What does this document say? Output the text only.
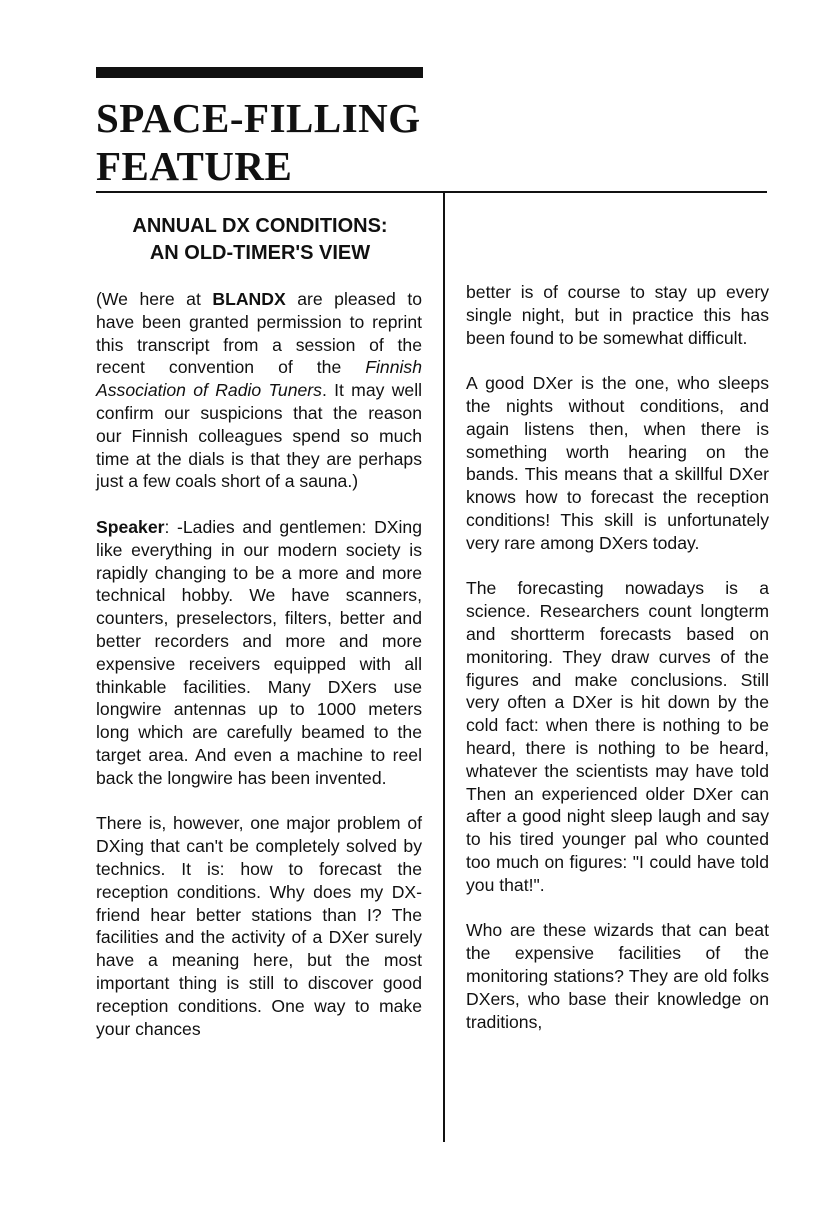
SPACE-FILLING
FEATURE
ANNUAL DX CONDITIONS:
AN OLD-TIMER'S VIEW

(We here at BLANDX are pleased to have been granted permission to reprint this transcript from a session of the recent convention of the Finnish Association of Radio Tuners. It may well confirm our suspicions that the reason our Finnish colleagues spend so much time at the dials is that they are perhaps just a few coals short of a sauna.)

Speaker: -Ladies and gentlemen: DXing like everything in our modern society is rapidly changing to be a more and more technical hobby. We have scanners, counters, preselectors, filters, better and better recorders and more and more expensive receivers equipped with all thinkable facilities. Many DXers use longwire antennas up to 1000 meters long which are carefully beamed to the target area. And even a machine to reel back the longwire has been invented.

There is, however, one major problem of DXing that can't be completely solved by technics. It is: how to forecast the reception conditions. Why does my DX-friend hear better stations than I? The facilities and the activity of a DXer surely have a meaning here, but the most important thing is still to discover good reception conditions. One way to make your chances

better is of course to stay up every single night, but in practice this has been found to be somewhat difficult.

A good DXer is the one, who sleeps the nights without conditions, and again listens then, when there is something worth hearing on the bands. This means that a skillful DXer knows how to forecast the reception conditions! This skill is unfortunately very rare among DXers today.

The forecasting nowadays is a science. Researchers count longterm and shortterm forecasts based on monitoring. They draw curves of the figures and make conclusions. Still very often a DXer is hit down by the cold fact: when there is nothing to be heard, there is nothing to be heard, whatever the scientists may have told Then an experienced older DXer can after a good night sleep laugh and say to his tired younger pal who counted too much on figures: "I could have told you that!".

Who are these wizards that can beat the expensive facilities of the monitoring stations? They are old folks DXers, who base their knowledge on traditions,
